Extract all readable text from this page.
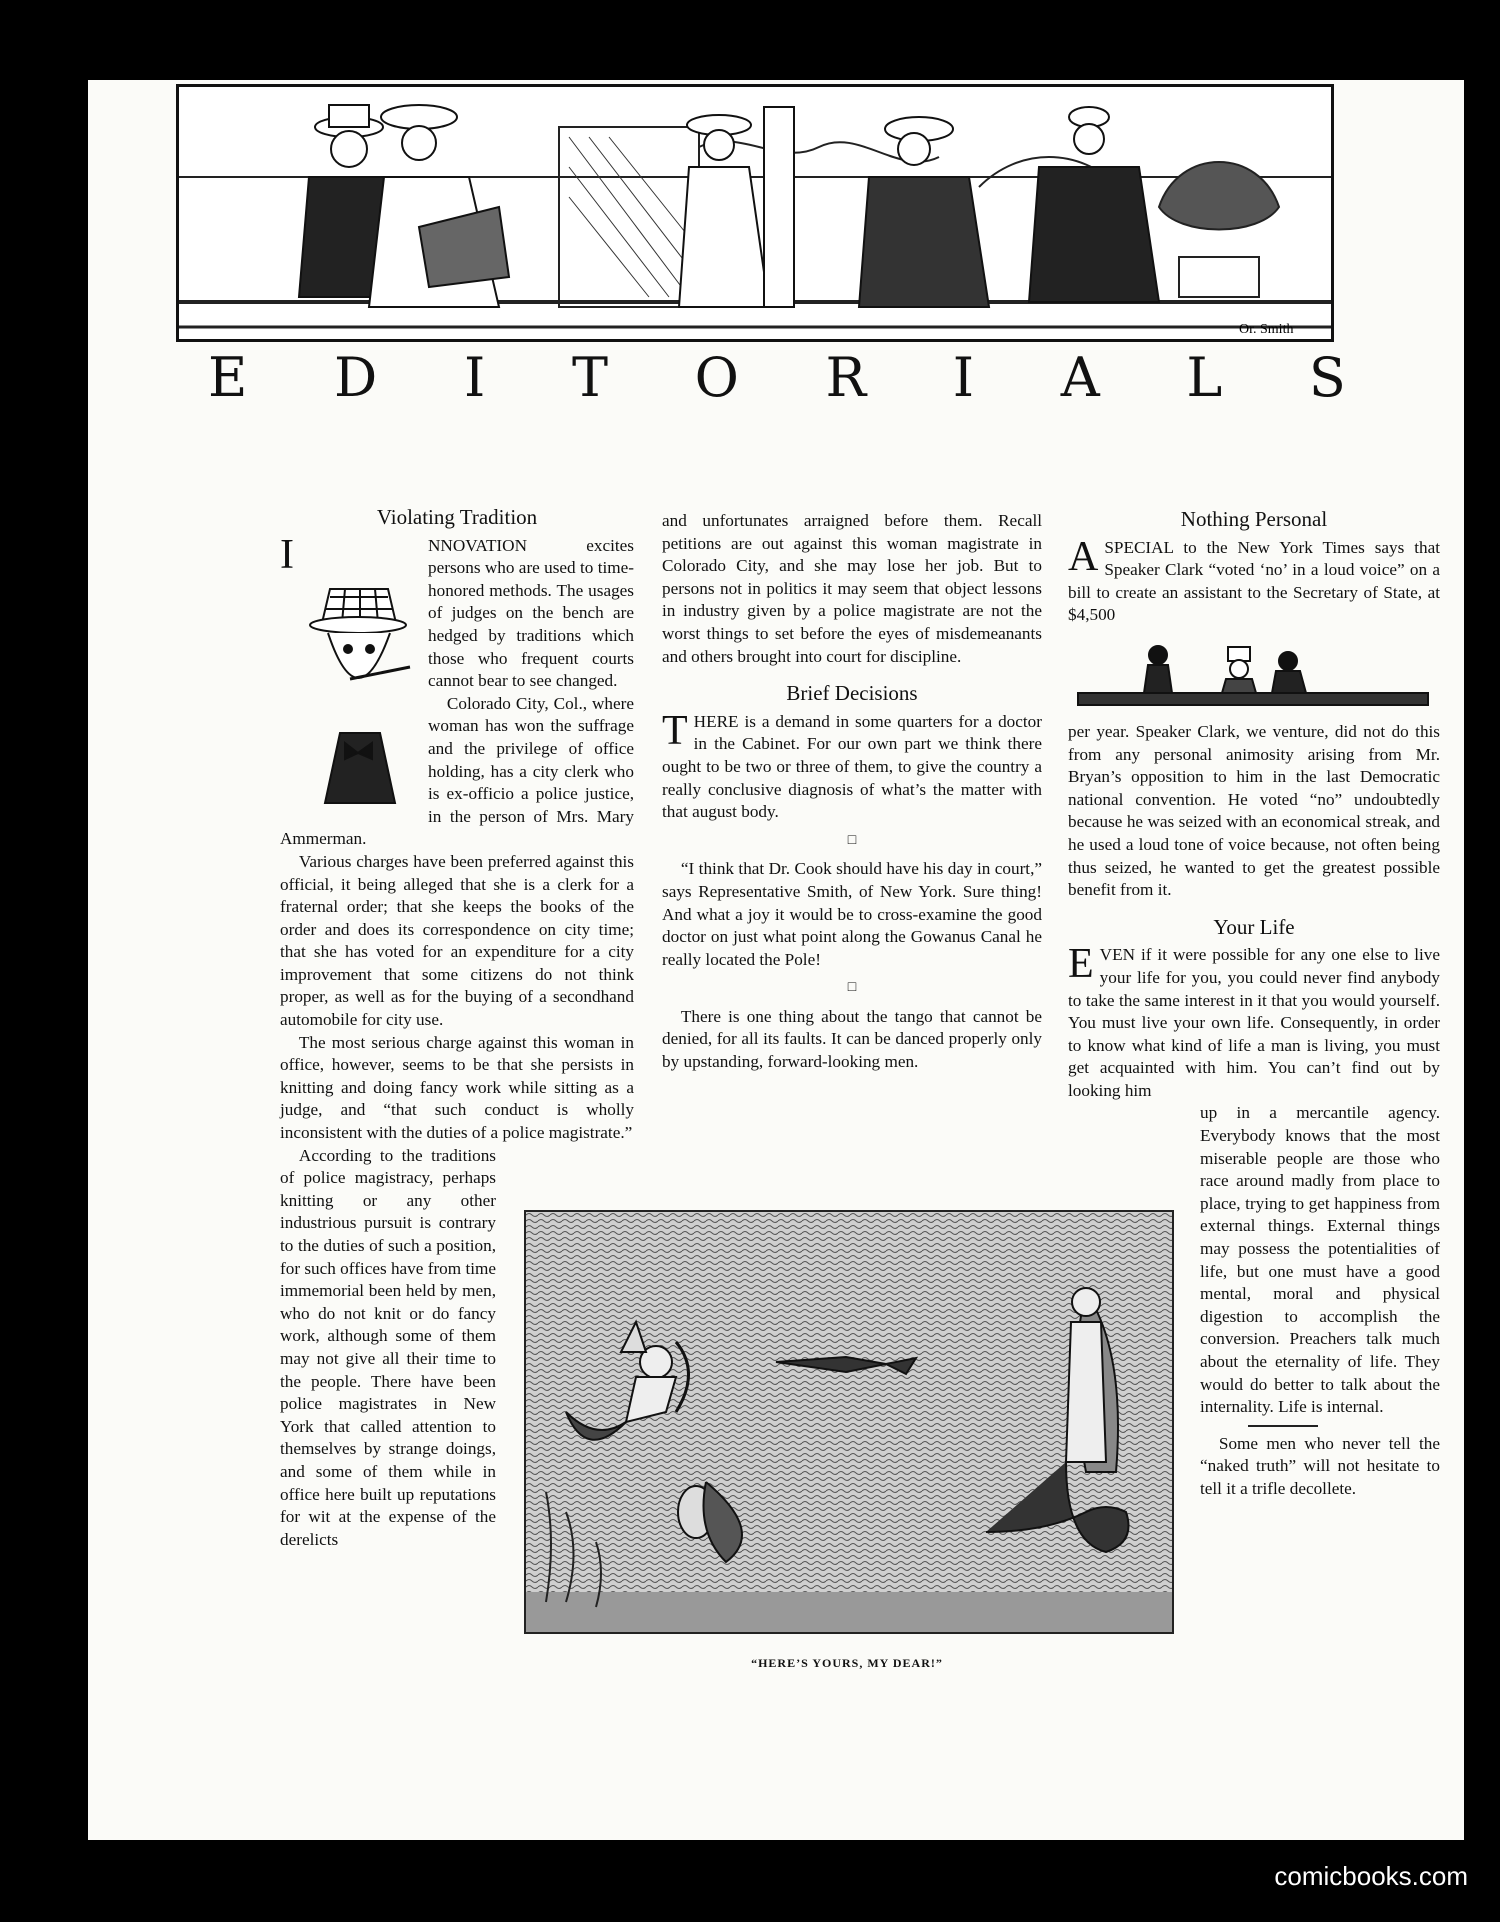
Or. Smith
E D I T O R I A L S
Violating Tradition

I	NNOVATION excites persons who are used to time-honored methods. The usages of judges on the bench are hedged by traditions which those who frequent courts cannot bear to see changed.

Colorado City, Col., where woman has won the suffrage and the privilege of office holding, has a city clerk who is ex-officio a police justice, in the person of Mrs. Mary Ammerman.

Various charges have been preferred against this official, it being alleged that she is a clerk for a fraternal order; that she keeps the books of the order and does its correspondence on city time; that she has voted for an expenditure for a city improvement that some citizens do not think proper, as well as for the buying of a secondhand automobile for city use.

The most serious charge against this woman in office, however, seems to be that she persists in knitting and doing fancy work while sitting as a judge, and “that such conduct is wholly inconsistent with the duties of a police magistrate.”

According to the traditions of police magistracy, perhaps knitting or any other industrious pursuit is contrary to the duties of such a position, for such offices have from time immemorial been held by men, who do not knit or do fancy work, although some of them may not give all their time to the people. There have been police magistrates in New York that called attention to themselves by strange doings, and some of them while in office here built up reputations for wit at the expense of the derelicts

and unfortunates arraigned before them. Recall petitions are out against this woman magistrate in Colorado City, and she may lose her job. But to persons not in politics it may seem that object lessons in industry given by a police magistrate are not the worst things to set before the eyes of misdemeanants and others brought into court for discipline.

Brief Decisions

T HERE is a demand in some quarters for a doctor in the Cabinet. For our own part we think there ought to be two or three of them, to give the country a really conclusive diagnosis of what’s the matter with that august body.

□

“I think that Dr. Cook should have his day in court,” says Representative Smith, of New York. Sure thing! And what a joy it would be to cross-examine the good doctor on just what point along the Gowanus Canal he really located the Pole!

□

There is one thing about the tango that cannot be denied, for all its faults. It can be danced properly only by upstanding, forward-looking men.

Nothing Personal

A SPECIAL to the New York Times says that Speaker Clark “voted ‘no’ in a loud voice” on a bill to create an assistant to the Secretary of State, at $4,500

per year. Speaker Clark, we venture, did not do this from any personal animosity arising from Mr. Bryan’s opposition to him in the last Democratic national convention. He voted “no” undoubtedly because he was seized with an economical streak, and he used a loud tone of voice because, not often being thus seized, he wanted to get the greatest possible benefit from it.

Your Life

E VEN if it were possible for any one else to live your life for you, you could never find anybody to take the same interest in it that you would yourself. You must live your own life. Consequently, in order to know what kind of life a man is living, you must get acquainted with him. You can’t find out by looking him

up in a mercantile agency. Everybody knows that the most miserable people are those who race around madly from place to place, trying to get happiness from external things. External things may possess the potentialities of life, but one must have a good mental, moral and physical digestion to accomplish the conversion. Preachers talk much about the eternality of life. They would do better to talk about the internality. Life is internal.

Some men who never tell the “naked truth” will not hesitate to tell it a trifle decollete.

“HERE’S YOURS, MY DEAR!”
comicbooks.com
